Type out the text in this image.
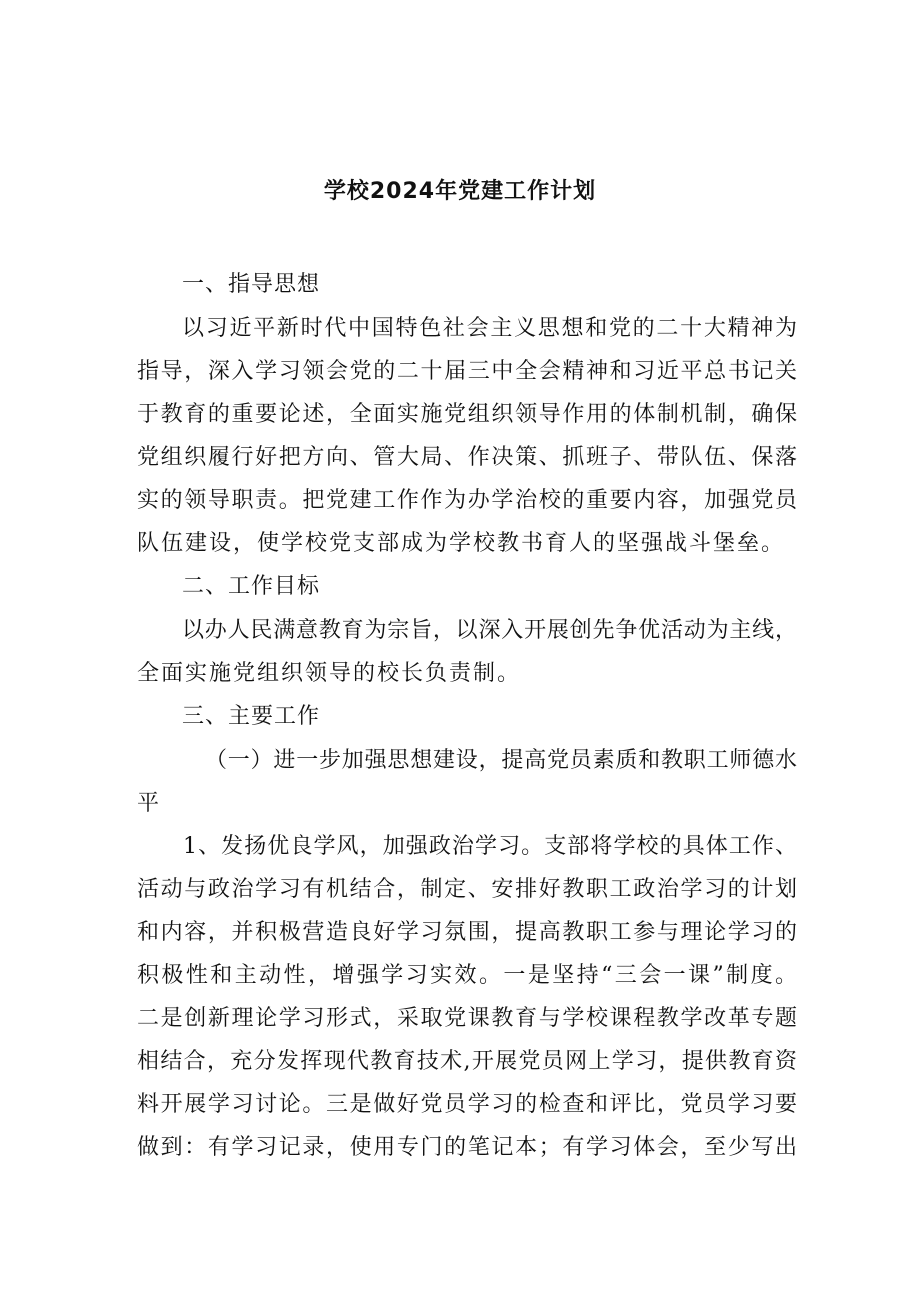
学校2024年党建工作计划
一、指导思想
以习近平新时代中国特色社会主义思想和党的二十大精神为
指导，深入学习领会党的二十届三中全会精神和习近平总书记关
于教育的重要论述，全面实施党组织领导作用的体制机制，确保
党组织履行好把方向、管大局、作决策、抓班子、带队伍、保落
实的领导职责。把党建工作作为办学治校的重要内容，加强党员
队伍建设，使学校党支部成为学校教书育人的坚强战斗堡垒。
二、工作目标
以办人民满意教育为宗旨，以深入开展创先争优活动为主线，
全面实施党组织领导的校长负责制。
三、主要工作
（一）进一步加强思想建设，提高党员素质和教职工师德水
平
1、发扬优良学风，加强政治学习。支部将学校的具体工作、
活动与政治学习有机结合，制定、安排好教职工政治学习的计划
和内容，并积极营造良好学习氛围，提高教职工参与理论学习的
积极性和主动性，增强学习实效。一是坚持“三会一课”制度。
二是创新理论学习形式，采取党课教育与学校课程教学改革专题
相结合，充分发挥现代教育技术,开展党员网上学习，提供教育资
料开展学习讨论。三是做好党员学习的检查和评比，党员学习要
做到：有学习记录，使用专门的笔记本；有学习体会，至少写出
